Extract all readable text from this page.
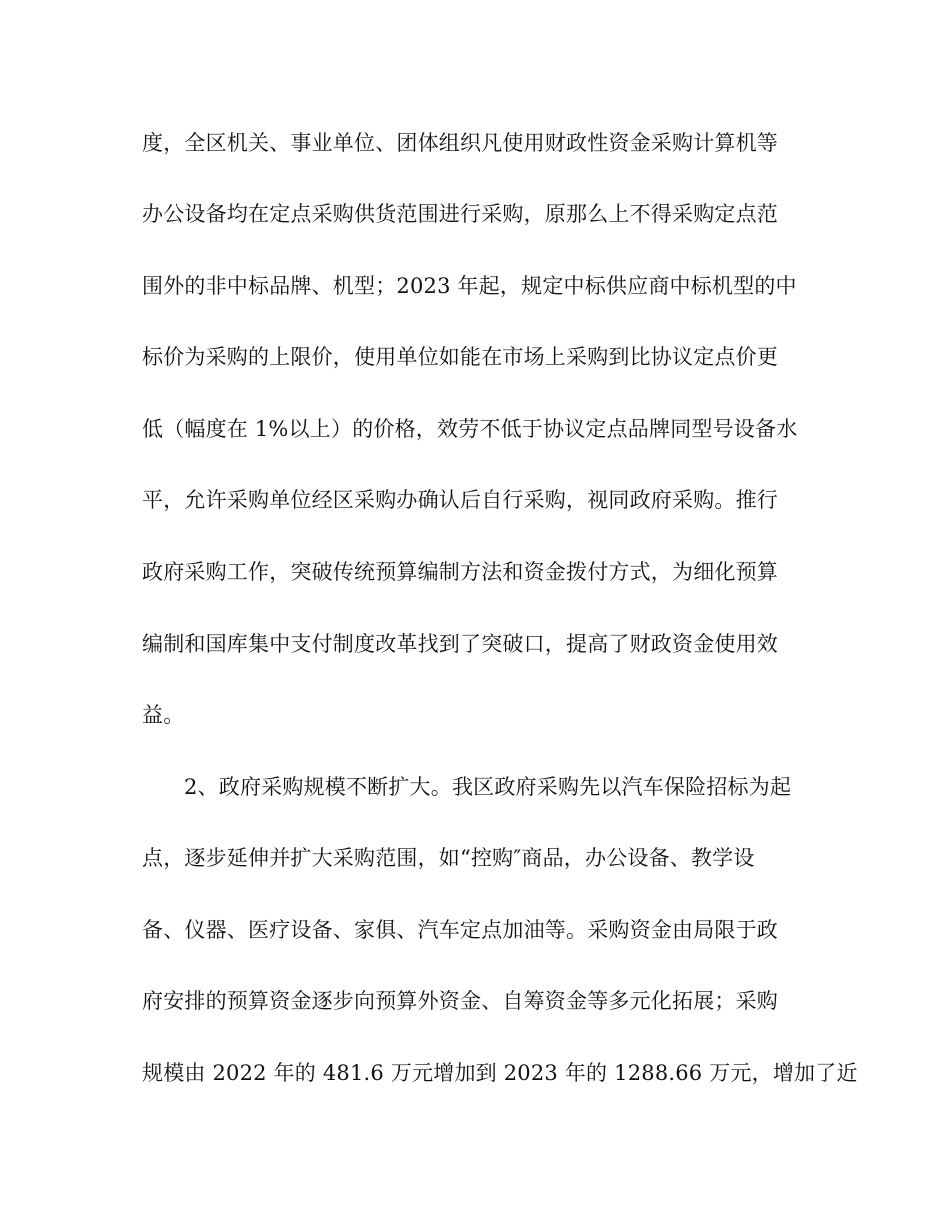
度，全区机关、事业单位、团体组织凡使用财政性资金采购计算机等
办公设备均在定点采购供货范围进行采购，原那么上不得采购定点范
围外的非中标品牌、机型；2023 年起，规定中标供应商中标机型的中
标价为采购的上限价，使用单位如能在市场上采购到比协议定点价更
低（幅度在 1%以上）的价格，效劳不低于协议定点品牌同型号设备水
平，允许采购单位经区采购办确认后自行采购，视同政府采购。推行
政府采购工作，突破传统预算编制方法和资金拨付方式，为细化预算
编制和国库集中支付制度改革找到了突破口，提高了财政资金使用效
益。
2、政府采购规模不断扩大。我区政府采购先以汽车保险招标为起
点，逐步延伸并扩大采购范围，如“控购″商品，办公设备、教学设
备、仪器、医疗设备、家俱、汽车定点加油等。采购资金由局限于政
府安排的预算资金逐步向预算外资金、自筹资金等多元化拓展；采购
规模由 2022 年的 481.6 万元增加到 2023 年的 1288.66 万元，增加了近
